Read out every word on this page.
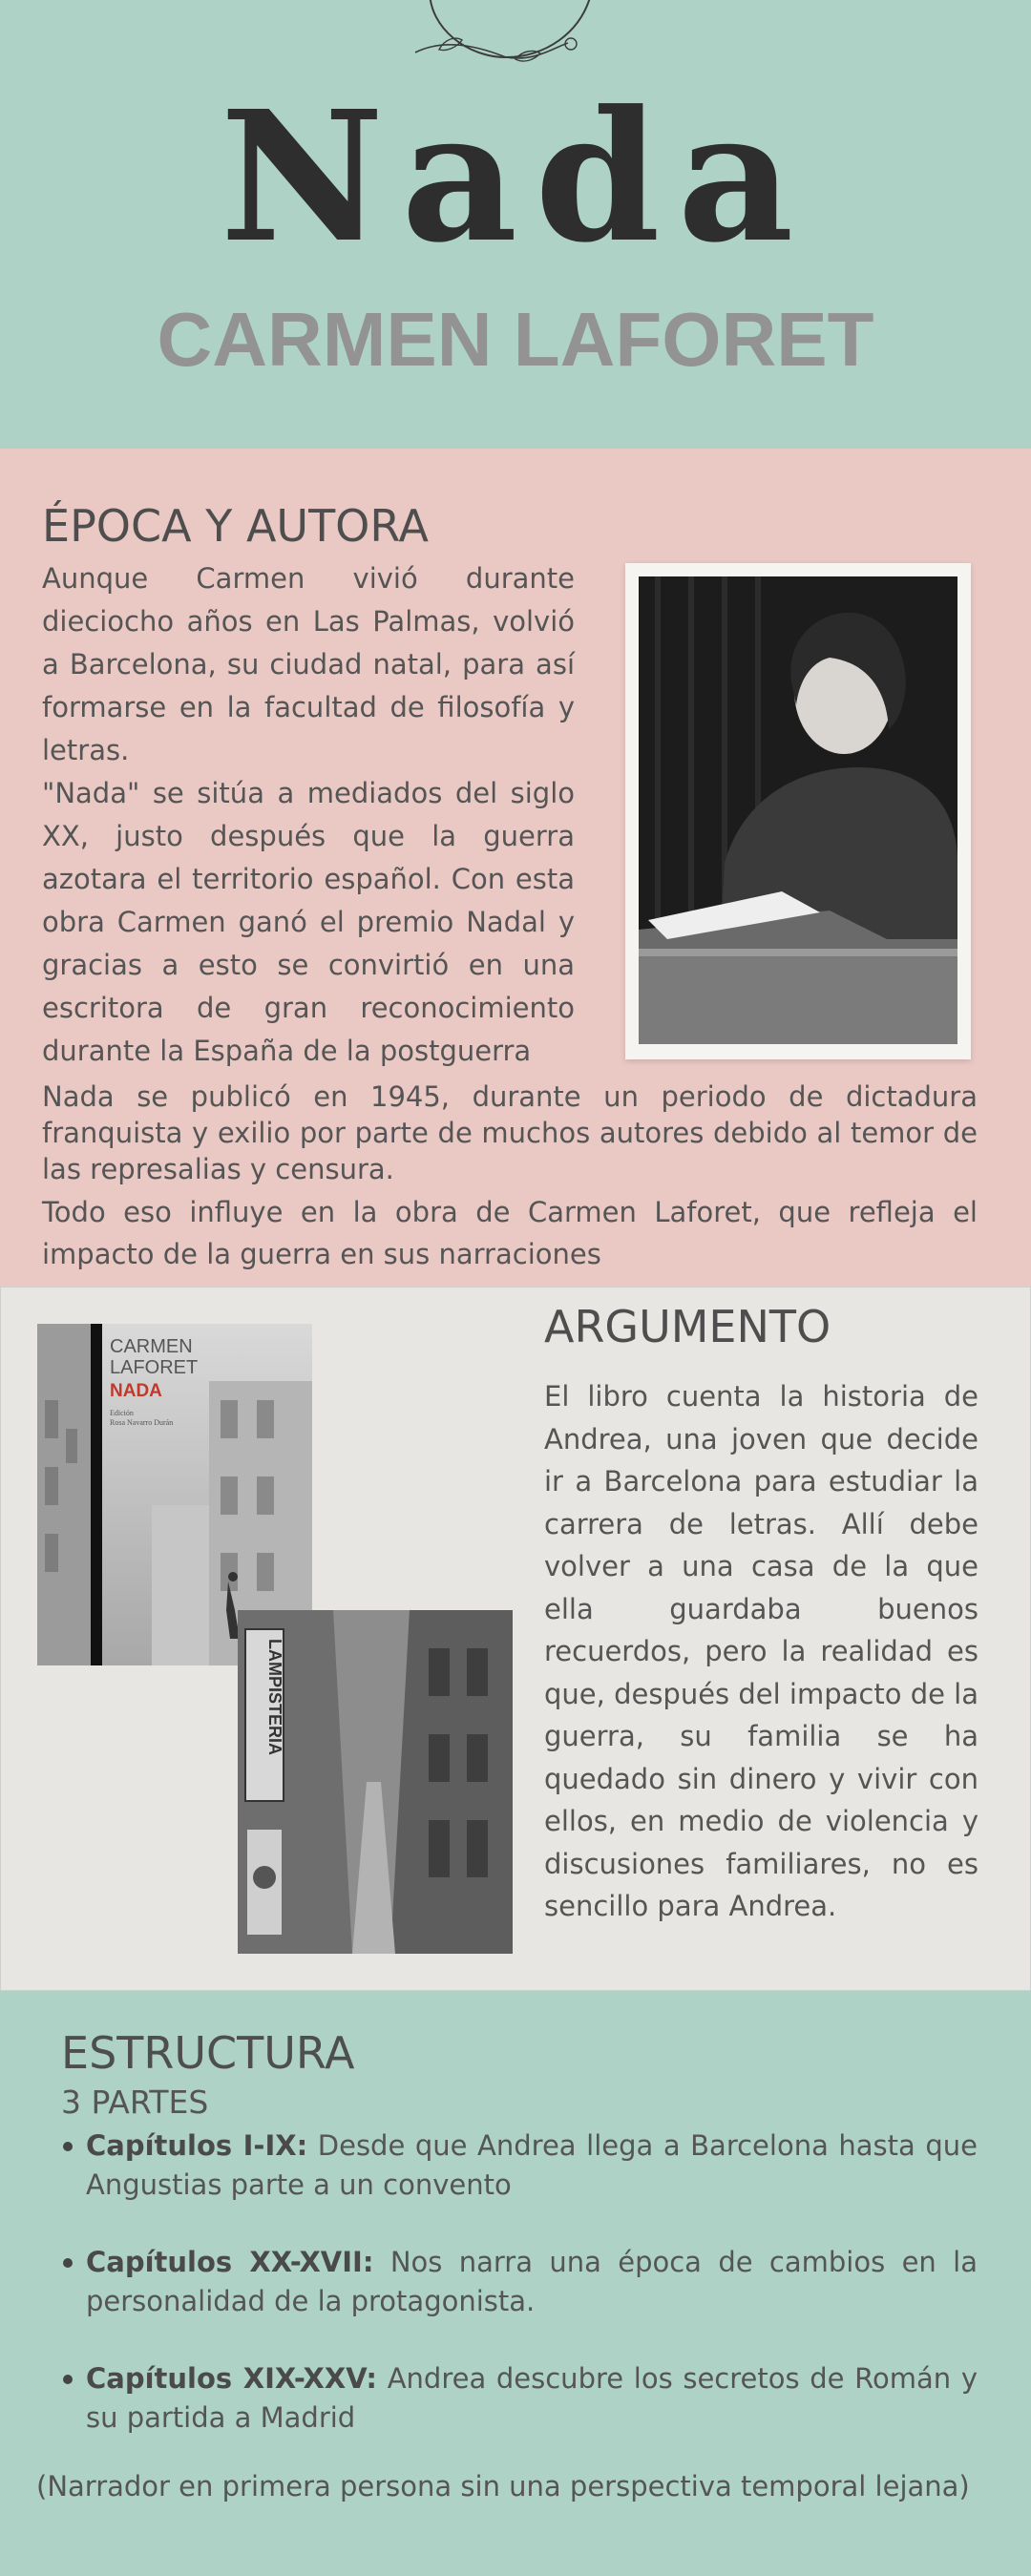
Nada
CARMEN LAFORET
ÉPOCA Y AUTORA

Aunque Carmen vivió durante dieciocho años en Las Palmas, volvió a Barcelona, su ciudad natal, para así formarse en la facultad de filosofía y letras.

"Nada" se sitúa a mediados del siglo XX, justo después que la guerra azotara el territorio español. Con esta obra Carmen ganó el premio Nadal y gracias a esto se convirtió en una escritora de gran reconocimiento durante la España de la postguerra

Nada se publicó en 1945, durante un periodo de dictadura franquista y exilio por parte de muchos autores debido al temor de las represalias y censura.

Todo eso influye en la obra de Carmen Laforet, que refleja el impacto de la guerra en sus narraciones

CARMEN
LAFORET
NADA
Edición
Rosa Navarro Durán
LAMPISTERIA
ARGUMENTO

El libro cuenta la historia de Andrea, una joven que decide ir a Barcelona para estudiar la carrera de letras. Allí debe volver a una casa de la que ella guardaba buenos recuerdos, pero la realidad es que, después del impacto de la guerra, su familia se ha quedado sin dinero y vivir con ellos, en medio de violencia y discusiones familiares, no es sencillo para Andrea.

ESTRUCTURA
3 PARTES
Capítulos I-IX: Desde que Andrea llega a Barcelona hasta que Angustias parte a un convento
Capítulos XX-XVII: Nos narra una época de cambios en la personalidad de la protagonista.
Capítulos XIX-XXV: Andrea descubre los secretos de Román y su partida a Madrid
(Narrador en primera persona sin una perspectiva temporal lejana)
